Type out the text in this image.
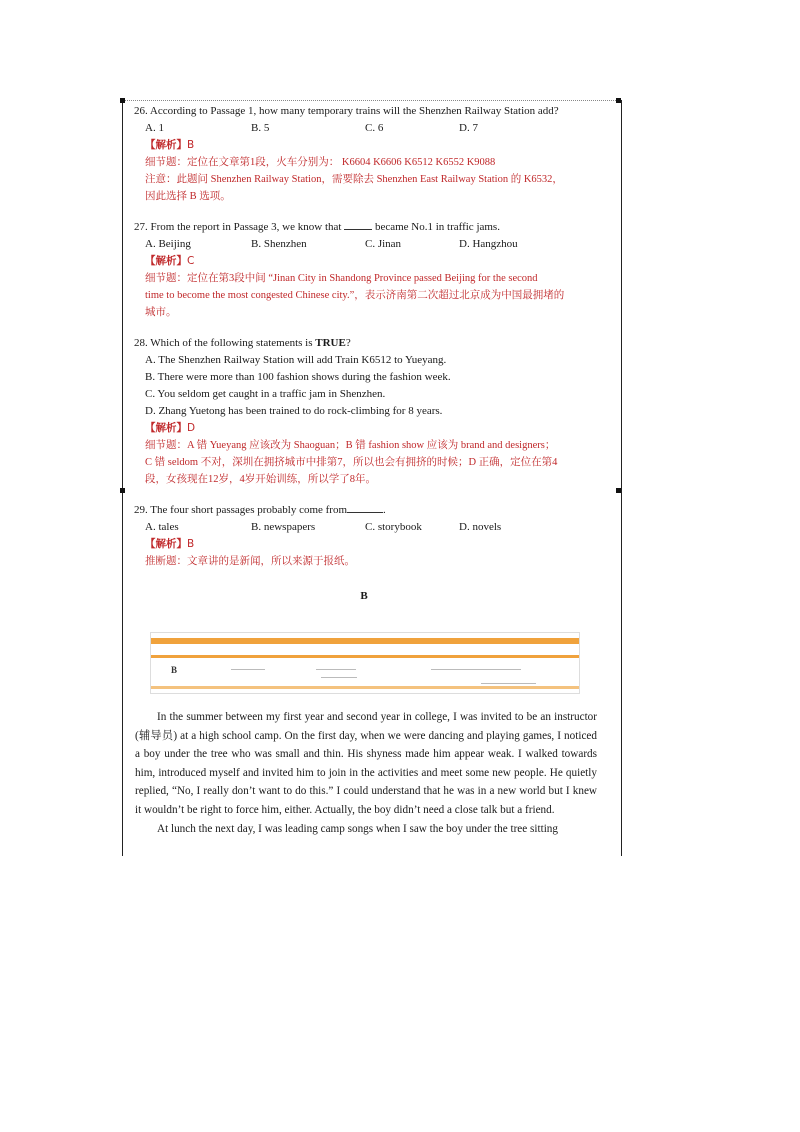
26. According to Passage 1, how many temporary trains will the Shenzhen Railway Station add?
A. 1	B. 5	C. 6	D. 7
【解析】B
细节题：定位在文章第1段，火车分别为： K6604 K6606 K6512 K6552 K9088
注意：此题问 Shenzhen Railway Station，需要除去 Shenzhen East Railway Station 的 K6532，
因此选择 B 选项。
27. From the report in Passage 3, we know that	became No.1 in traffic jams.
A. Beijing	B. Shenzhen	C. Jinan	D. Hangzhou
【解析】C
细节题：定位在第3段中间 “Jinan City in Shandong Province passed Beijing for the second
time to become the most congested Chinese city.”，表示济南第二次超过北京成为中国最拥堵的
城市。
28. Which of the following statements is TRUE?
A. The Shenzhen Railway Station will add Train K6512 to Yueyang.
B. There were more than 100 fashion shows during the fashion week.
C. You seldom get caught in a traffic jam in Shenzhen.
D. Zhang Yuetong has been trained to do rock-climbing for 8 years.
【解析】D
细节题：A 错 Yueyang 应该改为 Shaoguan；B 错 fashion show 应该为 brand and designers；
C 错 seldom 不对，深圳在拥挤城市中排第7，所以也会有拥挤的时候；D 正确，定位在第4
段，女孩现在12岁，4岁开始训练，所以学了8年。
29. The four short passages probably come from	.
A. tales	B. newspapers	C. storybook	D. novels
【解析】B
推断题：文章讲的是新闻，所以来源于报纸。
B
B

In the summer between my first year and second year in college, I was invited to be an instructor (辅导员) at a high school camp. On the first day, when we were dancing and playing games, I noticed a boy under the tree who was small and thin. His shyness made him appear weak. I walked towards him, introduced myself and invited him to join in the activities and meet some new people. He quietly replied, “No, I really don’t want to do this.” I could understand that he was in a new world but I knew it wouldn’t be right to force him, either. Actually, the boy didn’t need a close talk but a friend.

At lunch the next day, I was leading camp songs when I saw the boy under the tree sitting
